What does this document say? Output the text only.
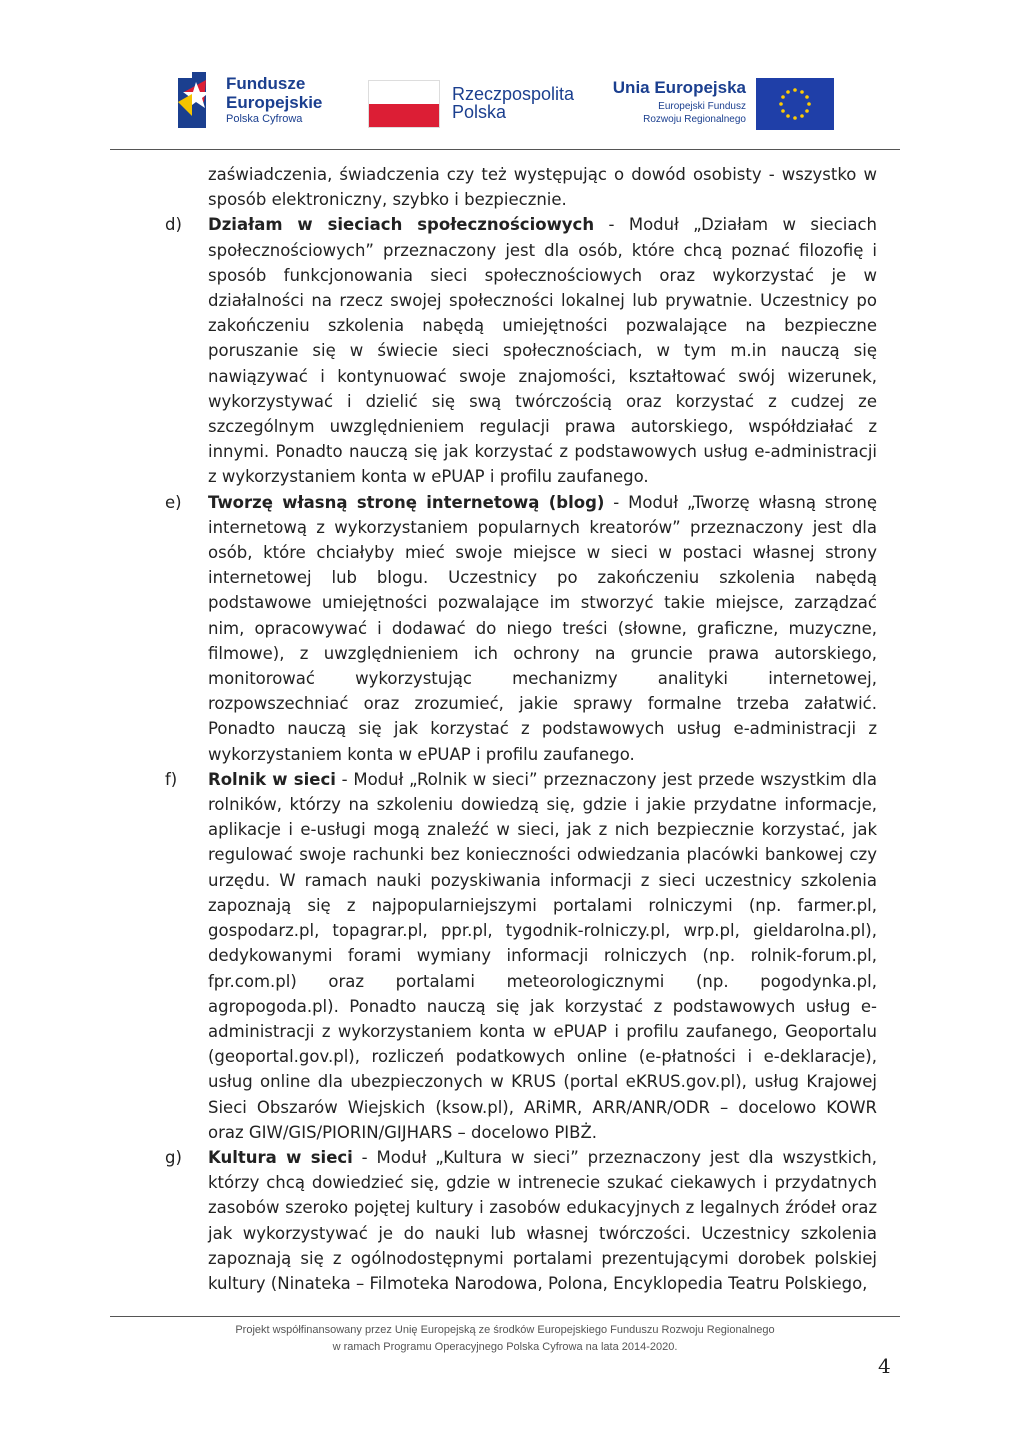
Fundusze
Europejskie
Polska Cyfrowa
Rzeczpospolita
Polska
Unia Europejska
Europejski Fundusz
Rozwoju Regionalnego

zaświadczenia, świadczenia czy też występując o dowód osobisty - wszystko w sposób elektroniczny, szybko i bezpiecznie.

d)	Działam w sieciach społecznościowych - Moduł „Działam w sieciach społecznościowych” przeznaczony jest dla osób, które chcą poznać filozofię i sposób funkcjonowania sieci społecznościowych oraz wykorzystać je w działalności na rzecz swojej społeczności lokalnej lub prywatnie. Uczestnicy po zakończeniu szkolenia nabędą umiejętności pozwalające na bezpieczne poruszanie się w świecie sieci społecznościach, w tym m.in nauczą się nawiązywać i kontynuować swoje znajomości, kształtować swój wizerunek, wykorzystywać i dzielić się swą twórczością oraz korzystać z cudzej ze szczególnym uwzględnieniem regulacji prawa autorskiego, współdziałać z innymi. Ponadto nauczą się jak korzystać z podstawowych usług e-administracji z wykorzystaniem konta w ePUAP i profilu zaufanego.
e)	Tworzę własną stronę internetową (blog) - Moduł „Tworzę własną stronę internetową z wykorzystaniem popularnych kreatorów” przeznaczony jest dla osób, które chciałyby mieć swoje miejsce w sieci w postaci własnej strony internetowej lub blogu. Uczestnicy po zakończeniu szkolenia nabędą podstawowe umiejętności pozwalające im stworzyć takie miejsce, zarządzać nim, opracowywać i dodawać do niego treści (słowne, graficzne, muzyczne, filmowe), z uwzględnieniem ich ochrony na gruncie prawa autorskiego, monitorować wykorzystując mechanizmy analityki internetowej, rozpowszechniać oraz zrozumieć, jakie sprawy formalne trzeba załatwić. Ponadto nauczą się jak korzystać z podstawowych usług e-administracji z wykorzystaniem konta w ePUAP i profilu zaufanego.
f)	Rolnik w sieci - Moduł „Rolnik w sieci” przeznaczony jest przede wszystkim dla rolników, którzy na szkoleniu dowiedzą się, gdzie i jakie przydatne informacje, aplikacje i e-usługi mogą znaleźć w sieci, jak z nich bezpiecznie korzystać, jak regulować swoje rachunki bez konieczności odwiedzania placówki bankowej czy urzędu. W ramach nauki pozyskiwania informacji z sieci uczestnicy szkolenia zapoznają się z najpopularniejszymi portalami rolniczymi (np. farmer.pl, gospodarz.pl, topagrar.pl, ppr.pl, tygodnik-rolniczy.pl, wrp.pl, gieldarolna.pl), dedykowanymi forami wymiany informacji rolniczych (np. rolnik-forum.pl, fpr.com.pl) oraz portalami meteorologicznymi (np. pogodynka.pl, agropogoda.pl). Ponadto nauczą się jak korzystać z podstawowych usług e-administracji z wykorzystaniem konta w ePUAP i profilu zaufanego, Geoportalu (geoportal.gov.pl), rozliczeń podatkowych online (e-płatności i e-deklaracje), usług online dla ubezpieczonych w KRUS (portal eKRUS.gov.pl), usług Krajowej Sieci Obszarów Wiejskich (ksow.pl), ARiMR, ARR/ANR/ODR – docelowo KOWR oraz GIW/GIS/PIORIN/GIJHARS – docelowo PIBŻ.
g)	Kultura w sieci - Moduł „Kultura w sieci” przeznaczony jest dla wszystkich, którzy chcą dowiedzieć się, gdzie w intrenecie szukać ciekawych i przydatnych zasobów szeroko pojętej kultury i zasobów edukacyjnych z legalnych źródeł oraz jak wykorzystywać je do nauki lub własnej twórczości. Uczestnicy szkolenia zapoznają się z ogólnodostępnymi portalami prezentującymi dorobek polskiej kultury (Ninateka – Filmoteka Narodowa, Polona, Encyklopedia Teatru Polskiego,
Projekt współfinansowany przez Unię Europejską ze środków Europejskiego Funduszu Rozwoju Regionalnego
w ramach Programu Operacyjnego Polska Cyfrowa na lata 2014-2020.
4
